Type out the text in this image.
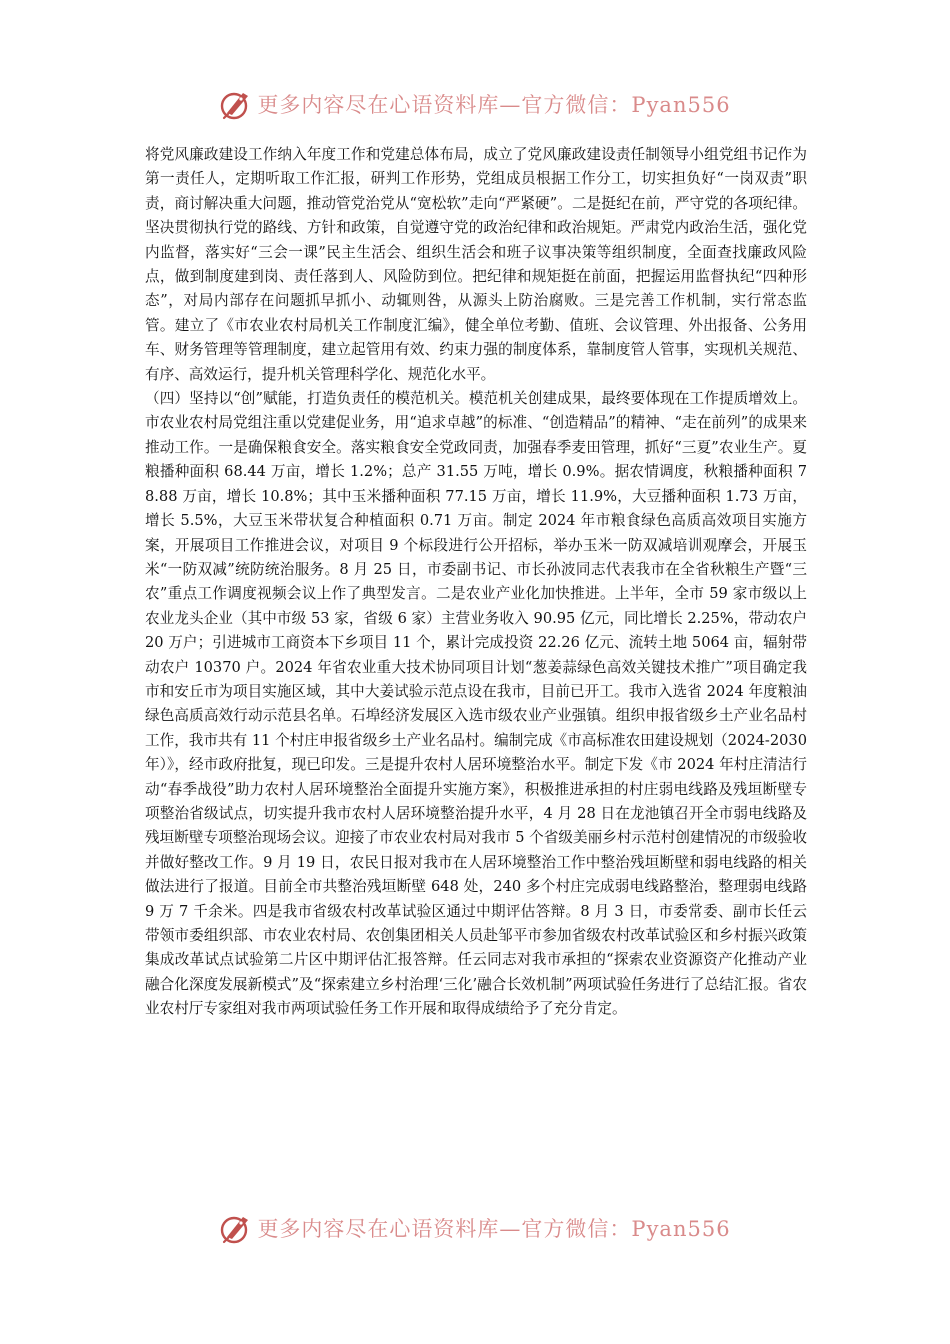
更多内容尽在心语资料库—官方微信：Pyan556

将党风廉政建设工作纳入年度工作和党建总体布局，成立了党风廉政建设责任制领导小组党组书记作为第一责任人，定期听取工作汇报，研判工作形势，党组成员根据工作分工，切实担负好“一岗双责”职责，商讨解决重大问题，推动管党治党从“宽松软”走向“严紧硬”。二是挺纪在前，严守党的各项纪律。坚决贯彻执行党的路线、方针和政策，自觉遵守党的政治纪律和政治规矩。严肃党内政治生活，强化党内监督，落实好“三会一课”民主生活会、组织生活会和班子议事决策等组织制度，全面查找廉政风险点，做到制度建到岗、责任落到人、风险防到位。把纪律和规矩挺在前面，把握运用监督执纪“四种形态”，对局内部存在问题抓早抓小、动辄则咎，从源头上防治腐败。三是完善工作机制，实行常态监管。建立了《市农业农村局机关工作制度汇编》，健全单位考勤、值班、会议管理、外出报备、公务用车、财务管理等管理制度，建立起管用有效、约束力强的制度体系，靠制度管人管事，实现机关规范、有序、高效运行，提升机关管理科学化、规范化水平。

（四）坚持以“创”赋能，打造负责任的模范机关。模范机关创建成果，最终要体现在工作提质增效上。市农业农村局党组注重以党建促业务，用“追求卓越”的标准、“创造精品”的精神、“走在前列”的成果来推动工作。一是确保粮食安全。落实粮食安全党政同责，加强春季麦田管理，抓好“三夏”农业生产。夏粮播种面积 68.44 万亩，增长 1.2%；总产 31.55 万吨，增长 0.9%。据农情调度，秋粮播种面积 78.88 万亩，增长 10.8%；其中玉米播种面积 77.15 万亩，增长 11.9%，大豆播种面积 1.73 万亩，增长 5.5%，大豆玉米带状复合种植面积 0.71 万亩。制定 2024 年市粮食绿色高质高效项目实施方案，开展项目工作推进会议，对项目 9 个标段进行公开招标，举办玉米一防双减培训观摩会，开展玉米“一防双减”统防统治服务。8 月 25 日，市委副书记、市长孙波同志代表我市在全省秋粮生产暨“三农”重点工作调度视频会议上作了典型发言。二是农业产业化加快推进。上半年，全市 59 家市级以上农业龙头企业（其中市级 53 家，省级 6 家）主营业务收入 90.95 亿元，同比增长 2.25%，带动农户 20 万户；引进城市工商资本下乡项目 11 个，累计完成投资 22.26 亿元、流转土地 5064 亩，辐射带动农户 10370 户。2024 年省农业重大技术协同项目计划“葱姜蒜绿色高效关键技术推广”项目确定我市和安丘市为项目实施区域，其中大姜试验示范点设在我市，目前已开工。我市入选省 2024 年度粮油绿色高质高效行动示范县名单。石埠经济发展区入选市级农业产业强镇。组织申报省级乡土产业名品村工作，我市共有 11 个村庄申报省级乡土产业名品村。编制完成《市高标准农田建设规划（2024-2030 年）》，经市政府批复，现已印发。三是提升农村人居环境整治水平。制定下发《市 2024 年村庄清洁行动“春季战役”助力农村人居环境整治全面提升实施方案》，积极推进承担的村庄弱电线路及残垣断壁专项整治省级试点，切实提升我市农村人居环境整治提升水平，4 月 28 日在龙池镇召开全市弱电线路及残垣断壁专项整治现场会议。迎接了市农业农村局对我市 5 个省级美丽乡村示范村创建情况的市级验收并做好整改工作。9 月 19 日，农民日报对我市在人居环境整治工作中整治残垣断壁和弱电线路的相关做法进行了报道。目前全市共整治残垣断壁 648 处，240 多个村庄完成弱电线路整治，整理弱电线路 9 万 7 千余米。四是我市省级农村改革试验区通过中期评估答辩。8 月 3 日，市委常委、副市长任云带领市委组织部、市农业农村局、农创集团相关人员赴邹平市参加省级农村改革试验区和乡村振兴政策集成改革试点试验第二片区中期评估汇报答辩。任云同志对我市承担的“探索农业资源资产化推动产业融合化深度发展新模式”及“探索建立乡村治理‘三化’融合长效机制”两项试验任务进行了总结汇报。省农业农村厅专家组对我市两项试验任务工作开展和取得成绩给予了充分肯定。

更多内容尽在心语资料库—官方微信：Pyan556
